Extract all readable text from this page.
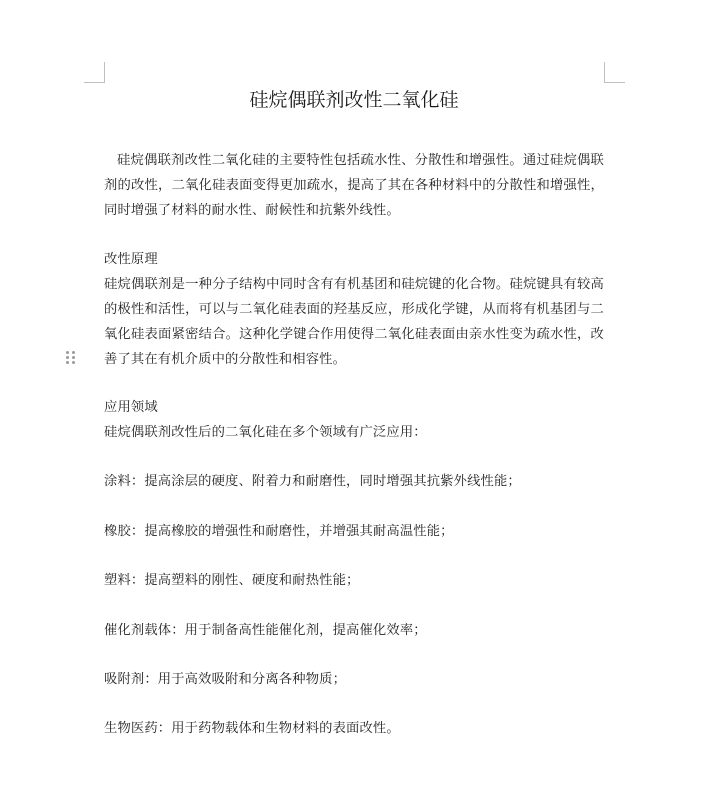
硅烷偶联剂改性二氧化硅

硅烷偶联剂改性二氧化硅的主要特性包括疏水性、分散性和增强性。通过硅烷偶联剂的改性，二氧化硅表面变得更加疏水，提高了其在各种材料中的分散性和增强性，同时增强了材料的耐水性、耐候性和抗紫外线性。

改性原理

硅烷偶联剂是一种分子结构中同时含有有机基团和硅烷键的化合物。硅烷键具有较高的极性和活性，可以与二氧化硅表面的羟基反应，形成化学键，从而将有机基团与二氧化硅表面紧密结合。这种化学键合作用使得二氧化硅表面由亲水性变为疏水性，改善了其在有机介质中的分散性和相容性。

应用领域

硅烷偶联剂改性后的二氧化硅在多个领域有广泛应用：

涂料：提高涂层的硬度、附着力和耐磨性，同时增强其抗紫外线性能；

橡胶：提高橡胶的增强性和耐磨性，并增强其耐高温性能；

塑料：提高塑料的刚性、硬度和耐热性能；

催化剂载体：用于制备高性能催化剂，提高催化效率；

吸附剂：用于高效吸附和分离各种物质；

生物医药：用于药物载体和生物材料的表面改性。
